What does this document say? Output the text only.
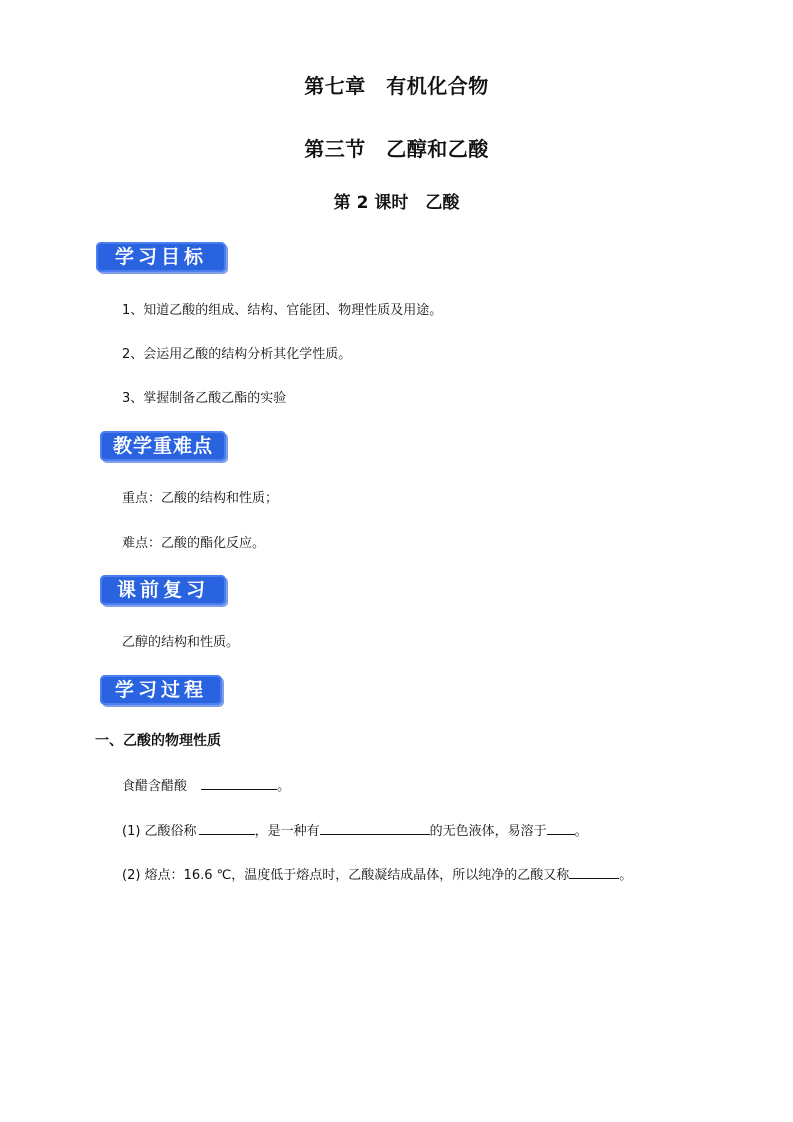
第七章　有机化合物
第三节　乙醇和乙酸
第 2 课时　乙酸
学习目标
1、知道乙酸的组成、结构、官能团、物理性质及用途。
2、会运用乙酸的结构分析其化学性质。
3、掌握制备乙酸乙酯的实验
教学重难点
重点：乙酸的结构和性质；
难点：乙酸的酯化反应。
课前复习
乙醇的结构和性质。
学习过程
一、乙酸的物理性质
食醋含醋酸	。
(1) 乙酸俗称	，是一种有	的无色液体，易溶于 。
(2) 熔点：16.6 ℃，温度低于熔点时，乙酸凝结成晶体，所以纯净的乙酸又称	。
